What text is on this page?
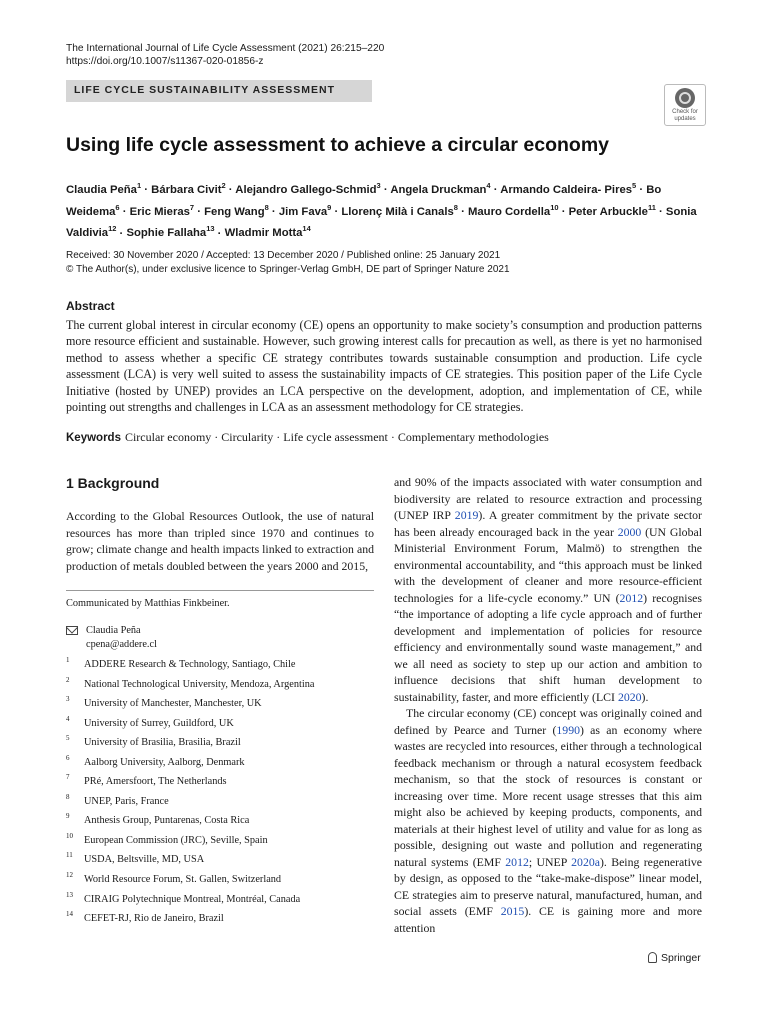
The International Journal of Life Cycle Assessment (2021) 26:215–220
https://doi.org/10.1007/s11367-020-01856-z
LIFE CYCLE SUSTAINABILITY ASSESSMENT
Check for
updates
Using life cycle assessment to achieve a circular economy
Claudia Peña$^1$ · Bárbara Civit$^2$ · Alejandro Gallego-Schmid$^3$ · Angela Druckman$^4$ · Armando Caldeira- Pires$^5$ · Bo Weidema$^6$ · Eric Mieras$^7$ · Feng Wang$^8$ · Jim Fava$^9$ · Llorenç Milà i Canals$^8$ · Mauro Cordella$^{10}$ · Peter Arbuckle$^{11}$ · Sonia Valdivia$^{12}$ · Sophie Fallaha$^{13}$ · Wladmir Motta$^{14}$
Received: 30 November 2020 / Accepted: 13 December 2020 / Published online: 25 January 2021
© The Author(s), under exclusive licence to Springer-Verlag GmbH, DE part of Springer Nature 2021
Abstract
The current global interest in circular economy (CE) opens an opportunity to make society’s consumption and production patterns more resource efficient and sustainable. However, such growing interest calls for precaution as well, as there is yet no harmonised method to assess whether a specific CE strategy contributes towards sustainable consumption and production. Life cycle assessment (LCA) is very well suited to assess the sustainability impacts of CE strategies. This position paper of the Life Cycle Initiative (hosted by UNEP) provides an LCA perspective on the development, adoption, and implementation of CE, while pointing out strengths and challenges in LCA as an assessment methodology for CE strategies.
Keywords Circular economy · Circularity · Life cycle assessment · Complementary methodologies
1 Background
According to the Global Resources Outlook, the use of natural resources has more than tripled since 1970 and continues to grow; climate change and health impacts linked to extraction and production of metals doubled between the years 2000 and 2015,
Communicated by Matthias Finkbeiner.
Claudia Peña
cpena@addere.cl
1 ADDERE Research & Technology, Santiago, Chile
2 National Technological University, Mendoza, Argentina
3 University of Manchester, Manchester, UK
4 University of Surrey, Guildford, UK
5 University of Brasilia, Brasilia, Brazil
6 Aalborg University, Aalborg, Denmark
7 PRé, Amersfoort, The Netherlands
8 UNEP, Paris, France
9 Anthesis Group, Puntarenas, Costa Rica
10 European Commission (JRC), Seville, Spain
11 USDA, Beltsville, MD, USA
12 World Resource Forum, St. Gallen, Switzerland
13 CIRAIG Polytechnique Montreal, Montréal, Canada
14 CEFET-RJ, Rio de Janeiro, Brazil

and 90% of the impacts associated with water consumption and biodiversity are related to resource extraction and processing (UNEP IRP 2019). A greater commitment by the private sector has been already encouraged back in the year 2000 (UN Global Ministerial Environment Forum, Malmö) to strengthen the environmental accountability, and “this approach must be linked with the development of cleaner and more resource-efficient technologies for a life-cycle economy.” UN (2012) recognises “the importance of adopting a life cycle approach and of further development and implementation of policies for resource efficiency and environmentally sound waste management,” and we all need as society to step up our action and ambition to influence decisions that shift human development to sustainability, faster, and more efficiently (LCI 2020).

The circular economy (CE) concept was originally coined and defined by Pearce and Turner (1990) as an economy where wastes are recycled into resources, either through a technological feedback mechanism or through a natural ecosystem feedback mechanism, so that the stock of resources is constant or increasing over time. More recent usage stresses that this aim might also be achieved by keeping products, components, and materials at their highest level of utility and value for as long as possible, designing out waste and pollution and regenerating natural systems (EMF 2012; UNEP 2020a). Being regenerative by design, as opposed to the “take-make-dispose” linear model, CE strategies aim to preserve natural, manufactured, human, and social assets (EMF 2015). CE is gaining more and more attention

Springer
